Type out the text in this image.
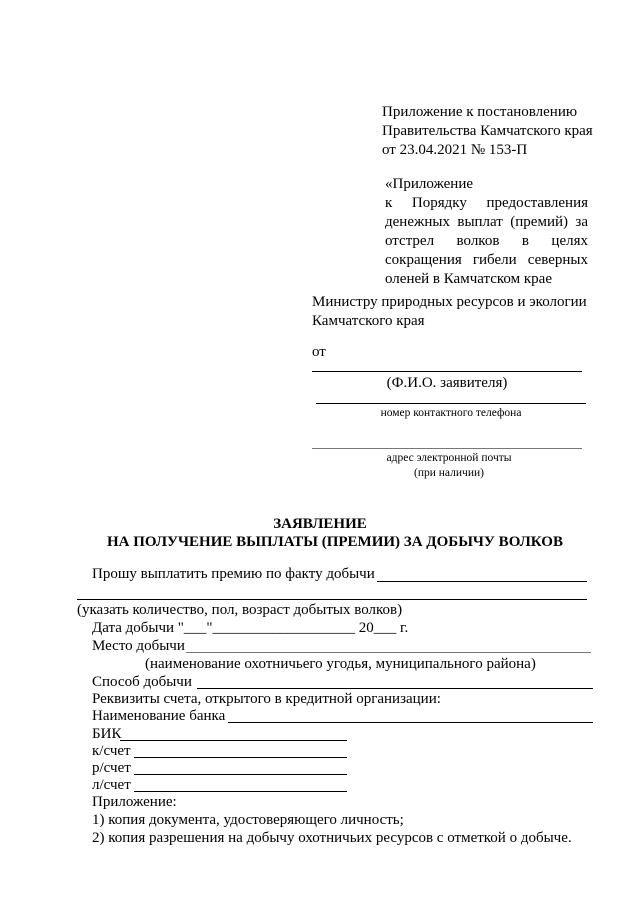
Приложение к постановлению
Правительства Камчатского края
от 23.04.2021 № 153-П
«Приложение
к Порядку предоставления
денежных выплат (премий) за
отстрел волков в целях
сокращения гибели северных
оленей в Камчатском крае
Министру природных ресурсов и экологии
Камчатского края
от
(Ф.И.О. заявителя)
номер контактного телефона
адрес электронной почты
(при наличии)
ЗАЯВЛЕНИЕ
НА ПОЛУЧЕНИЕ ВЫПЛАТЫ (ПРЕМИИ) ЗА ДОБЫЧУ ВОЛКОВ
Прошу выплатить премию по факту добычи
(указать количество, пол, возраст добытых волков)
Дата добычи "___"___________________ 20___ г.
Место добычи
(наименование охотничьего угодья, муниципального района)
Способ добычи
Реквизиты счета, открытого в кредитной организации:
Наименование банка
БИК
к/счет
р/счет
л/счет
Приложение:
1) копия документа, удостоверяющего личность;
2) копия разрешения на добычу охотничьих ресурсов с отметкой о добыче.
